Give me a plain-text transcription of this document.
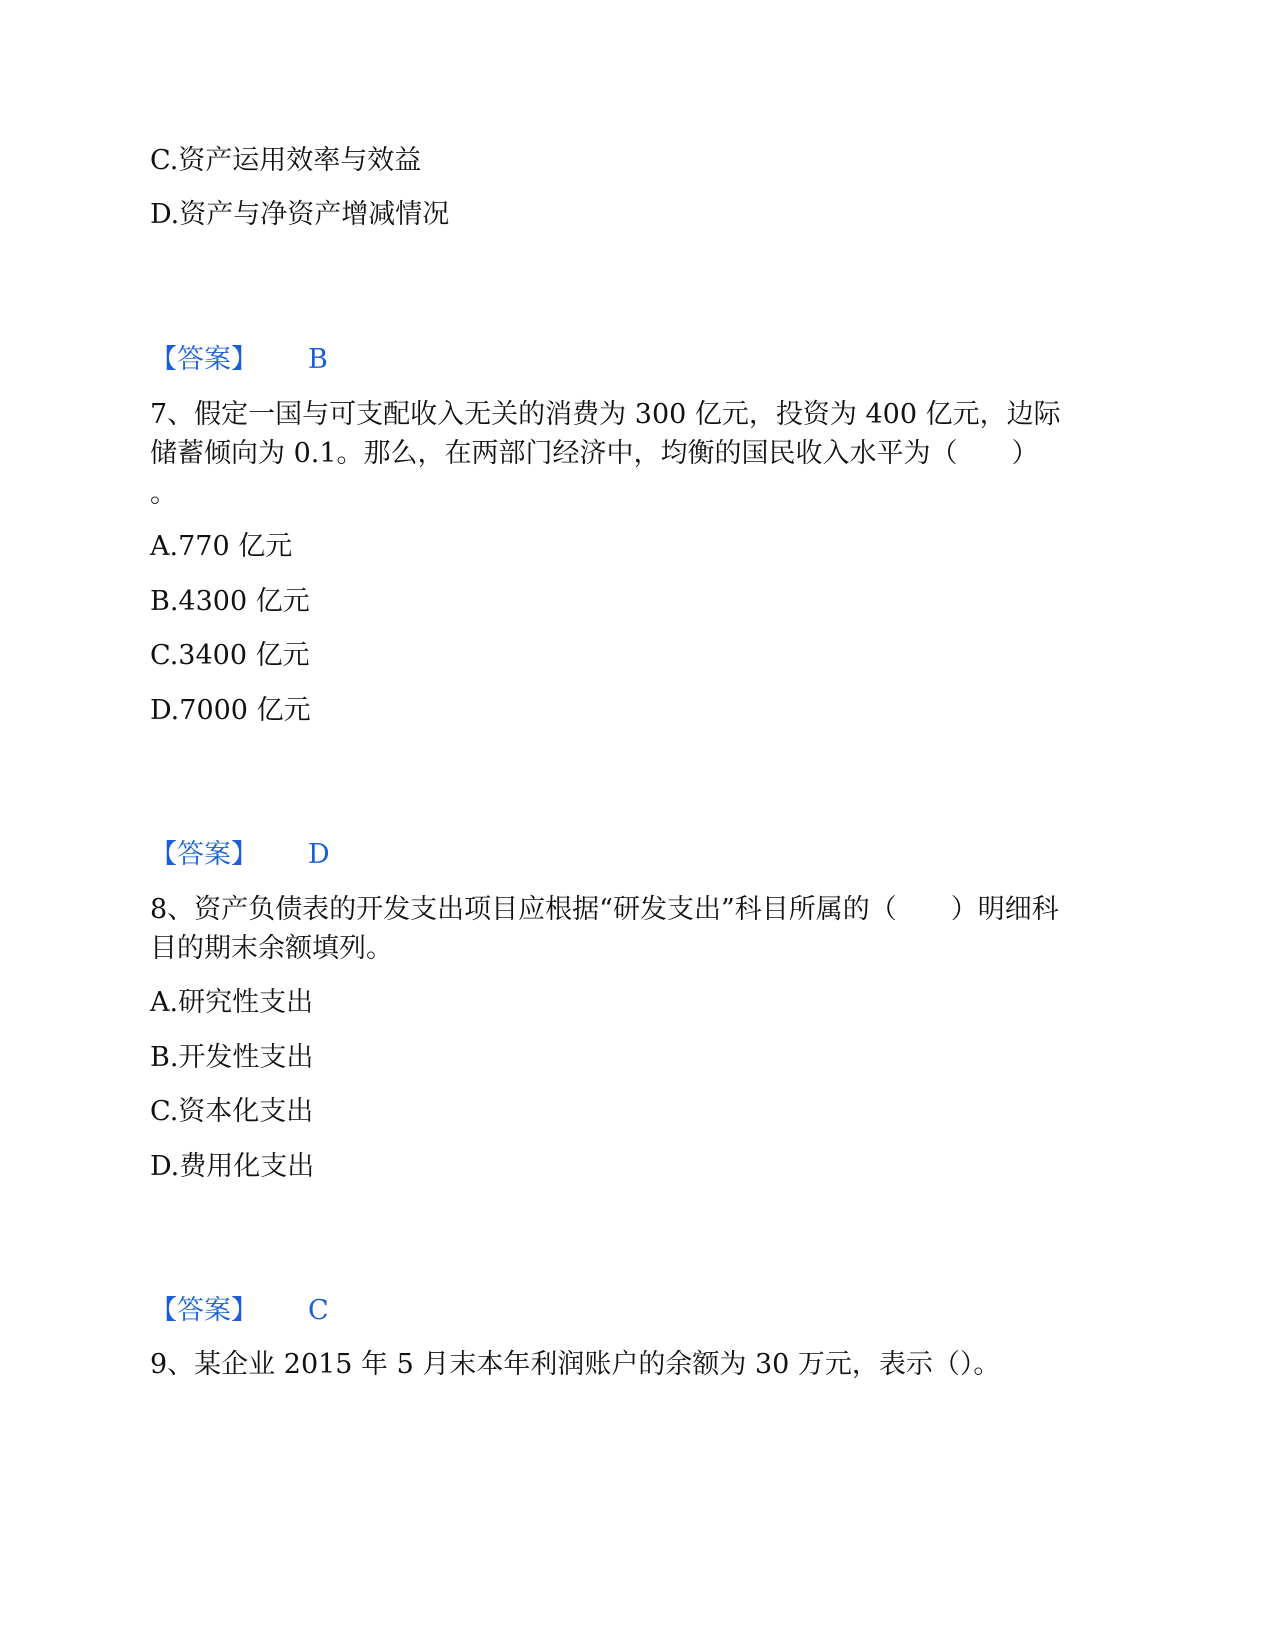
C.资产运用效率与效益
D.资产与净资产增减情况
【答案】 B
7、假定一国与可支配收入无关的消费为 300 亿元，投资为 400 亿元，边际
储蓄倾向为 0.1。那么，在两部门经济中，均衡的国民收入水平为（　　）
。
A.770 亿元
B.4300 亿元
C.3400 亿元
D.7000 亿元
【答案】 D
8、资产负债表的开发支出项目应根据“研发支出”科目所属的（　　）明细科
目的期末余额填列。
A.研究性支出
B.开发性支出
C.资本化支出
D.费用化支出
【答案】 C
9、某企业 2015 年 5 月末本年利润账户的余额为 30 万元，表示（）。
